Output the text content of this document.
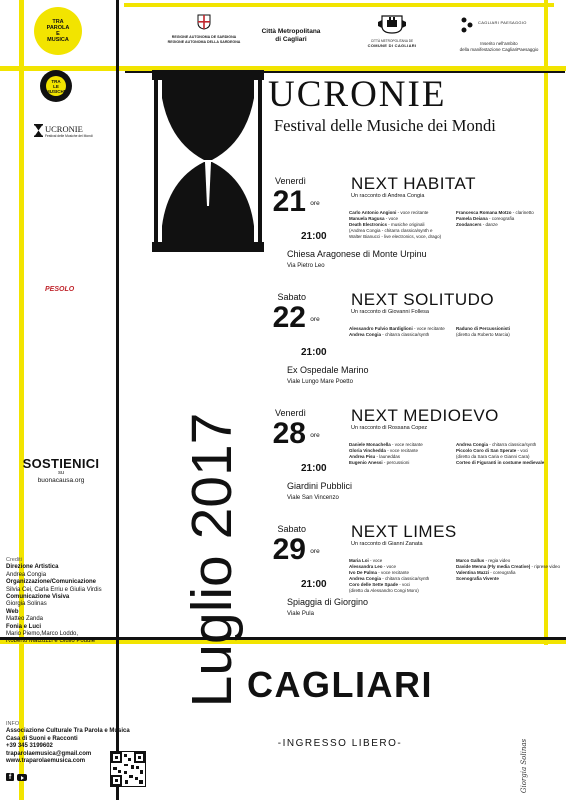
TRA
PAROLA
E
MUSICA
TRA
LE
MUSICHE
UCRONIE
Festival delle Musiche dei Mondi
PESOLO
SOSTIENICI
su
buonacausa.org
Crediti
Direzione Artistica
Andrea Congia
Organizzazione/Comunicazione
Silvia Cei, Carla Erriu e Giulia Virdis
Comunicazione Visiva
Giorgia Solinas
Web
Matteo Zanda
Fonia e Luci
Mario Piemo,Marco Loddo,
Roberto Matzuzzi e Giulio Poddie
INFO
Associazione Culturale Tra Parola e Musica
Casa di Suoni e Racconti
+39 345 3199602
traparolaemusica@gmail.com
www.traparolaemusica.com
f
REGIONE AUTONOMA DE SARDIGNA
REGIONE AUTONOMA DELLA SARDEGNA
Città Metropolitana
di Cagliari	CITTÀ METROPOLITANA DE
COMUNE DI CAGLIARI
CAGLIARI PAESAGGIO
Inserito nell'ambito
della manifestazione CagliariPaesaggio
UCRONIE
Festival delle Musiche dei Mondi
Luglio 2017
Venerdì
21 ore
21:00
NEXT HABITAT
Un racconto di Andrea Congia
Carlo Antonio Angioni - voce recitante
Manuela Ragusa - voce
Death Electronics - musiche originali
(Andrea Congia - chitarra classica/synth e
Walter Bianucci - live electronics, voce, drago)
Francesca Romana Motzo - clarinetto
Pamela Deiana - coreografia
Zoodancers - danze
Chiesa Aragonese di Monte Urpinu
Via Pietro Leo
Sabato
22 ore
21:00
NEXT SOLITUDO
Un racconto di Giovanni Follesa
Alessandro Fulvio Bardiglioni - voce recitante
Andrea Congia - chitarra classica/synth
Raduno di Percussionisti
(diretto da Roberto Marcia)
Ex Ospedale Marino
Viale Lungo Mare Poetto
Venerdì
28 ore
21:00
NEXT MEDIOEVO
Un racconto di Rossana Copez
Daniele Monachella - voce recitante
Gloria Vinchedda - voce recitante
Andrea Pisu - launeddas
Eugenio Anessi - percussioni
Andrea Congia - chitarra classica/synth
Piccolo Coro di San Sperate - voci
(diretto da Sara Caria e Gianni Cara)
Corteo di Figuranti in costume medievale
Giardini Pubblici
Viale San Vincenzo
Sabato
29 ore
21:00
NEXT LIMES
Un racconto di Gianni Zanata
Maria Loi - voce
Alessandra Leo - voce
Ivo De Palma - voce recitante
Andrea Congia - chitarra classica/synth
Coro delle Sette Spade - voci
(diretto da Alessandro Congi Moro)
Marco Gallus - regia video
Davide Menna (Fly media Creative) - riprese video
Valentina Mazzi - coreografia
Scenografia Vivente
Spiaggia di Giorgino
Viale Pula
CAGLIARI
-INGRESSO LIBERO-	Giorgia Solinas
